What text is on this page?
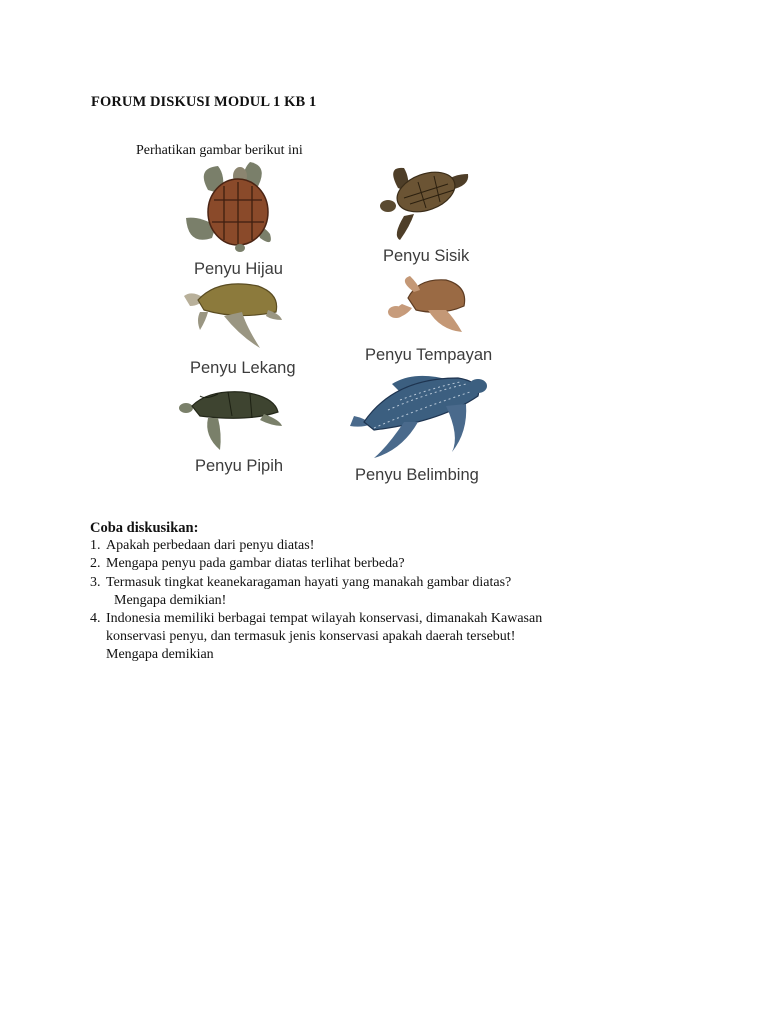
FORUM DISKUSI MODUL 1 KB 1
Perhatikan gambar berikut ini
Penyu Hijau
Penyu Sisik
Penyu Lekang
Penyu Tempayan
Penyu Pipih	Penyu Belimbing
Coba diskusikan:
1. Apakah perbedaan dari penyu diatas!
2. Mengapa penyu pada gambar diatas terlihat berbeda?
3. Termasuk tingkat keanekaragaman hayati yang manakah gambar diatas?
Mengapa demikian!
4. Indonesia memiliki berbagai tempat wilayah konservasi, dimanakah Kawasan
konservasi penyu, dan termasuk jenis konservasi apakah daerah tersebut!
Mengapa demikian
